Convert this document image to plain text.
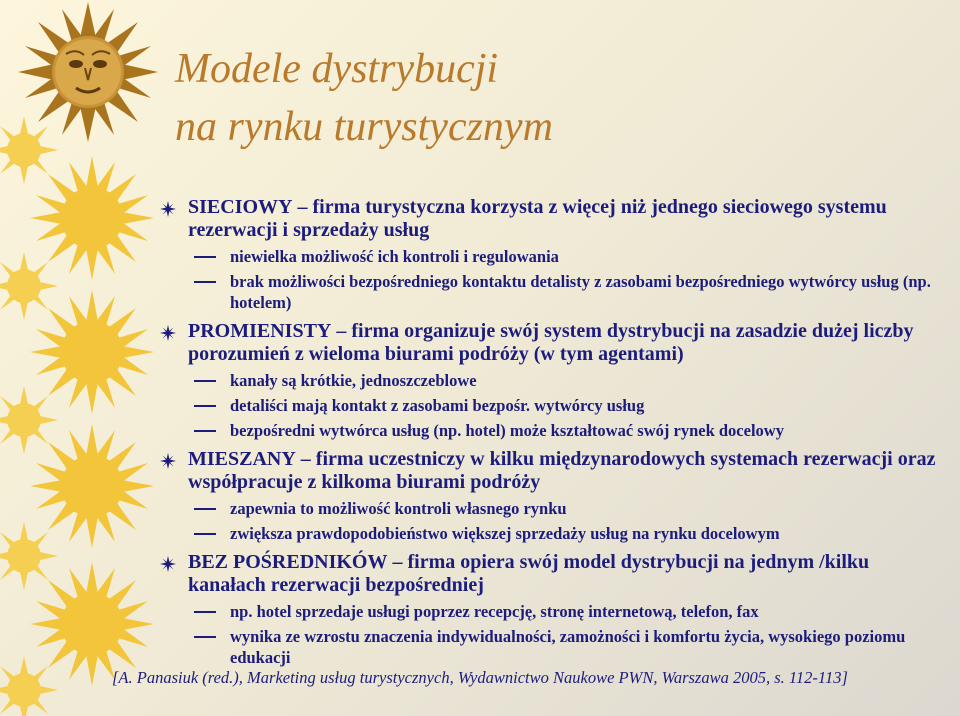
Modele dystrybucji
na rynku turystycznym
SIECIOWY – firma turystyczna korzysta z więcej niż jednego sieciowego systemu rezerwacji i sprzedaży usług
niewielka możliwość ich kontroli i regulowania
brak możliwości bezpośredniego kontaktu detalisty z zasobami bezpośredniego wytwórcy usług (np. hotelem)
PROMIENISTY – firma organizuje swój system dystrybucji na zasadzie dużej liczby porozumień z wieloma biurami podróży (w tym agentami)
kanały są krótkie, jednoszczeblowe
detaliści mają kontakt z zasobami bezpośr. wytwórcy usług
bezpośredni wytwórca usług (np. hotel) może kształtować swój rynek docelowy
MIESZANY – firma uczestniczy w kilku międzynarodowych systemach rezerwacji oraz współpracuje z kilkoma biurami podróży
zapewnia to możliwość kontroli własnego rynku
zwiększa prawdopodobieństwo większej sprzedaży usług na rynku docelowym
BEZ POŚREDNIKÓW – firma opiera swój model dystrybucji na jednym /kilku kanałach rezerwacji bezpośredniej
np. hotel sprzedaje usługi poprzez recepcję, stronę internetową, telefon, fax
wynika ze wzrostu znaczenia indywidualności, zamożności i komfortu życia, wysokiego poziomu edukacji

[A. Panasiuk (red.), Marketing usług turystycznych, Wydawnictwo Naukowe PWN, Warszawa 2005, s. 112-113]
